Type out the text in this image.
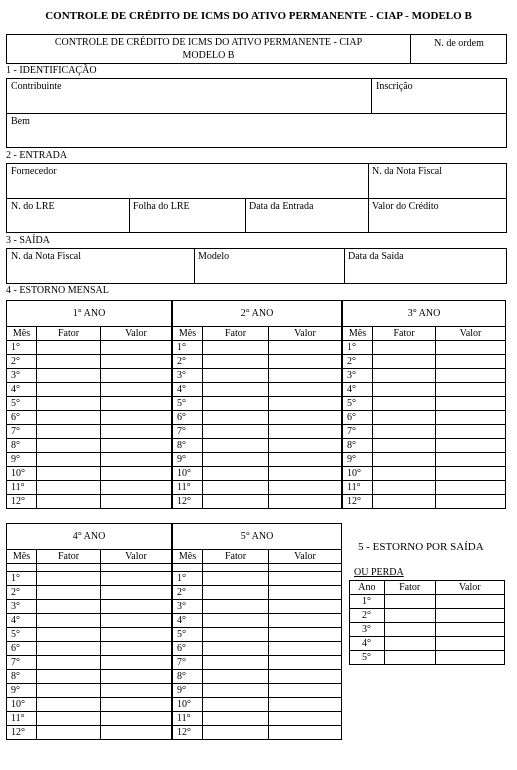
CONTROLE DE CRÉDITO DE ICMS DO ATIVO PERMANENTE - CIAP - MODELO B
CONTROLE DE CRÉDITO DE ICMS DO ATIVO PERMANENTE - CIAP
MODELO B
N. de ordem
1 - IDENTIFICAÇÃO
Contribuinte	Inscrição
Bem
2 - ENTRADA
Fornecedor	N. da Nota Fiscal
N. do LRE	Folha do LRE	Data da Entrada	Valor do Crédito
3 - SAÍDA
N. da Nota Fiscal	Modelo	Data da Saída
4 - ESTORNO MENSAL
1° ANO		
Mês	Fator	Valor
1°		
2°		
3°		
4°		
5°		
6°		
7°		
8°		
9°		
10°		
11°		
12°		
2° ANO		
Mês	Fator	Valor
1°		
2°		
3°		
4°		
5°		
6°		
7°		
8°		
9°		
10°		
11°		
12°		
3° ANO		
Mês	Fator	Valor
1°		
2°		
3°		
4°		
5°		
6°		
7°		
8°		
9°		
10°		
11°		
12°		
4° ANO		
Mês	Fator	Valor

1°		
2°		
3°		
4°		
5°		
6°		
7°		
8°		
9°		
10°		
11°		
12°		
5° ANO		
Mês	Fator	Valor

1°		
2°		
3°		
4°		
5°		
6°		
7°		
8°		
9°		
10°		
11°		
12°		
5 - ESTORNO POR SAÍDA
OU PERDA
Ano	Fator	Valor
1°		
2°		
3°		
4°		
5°		
